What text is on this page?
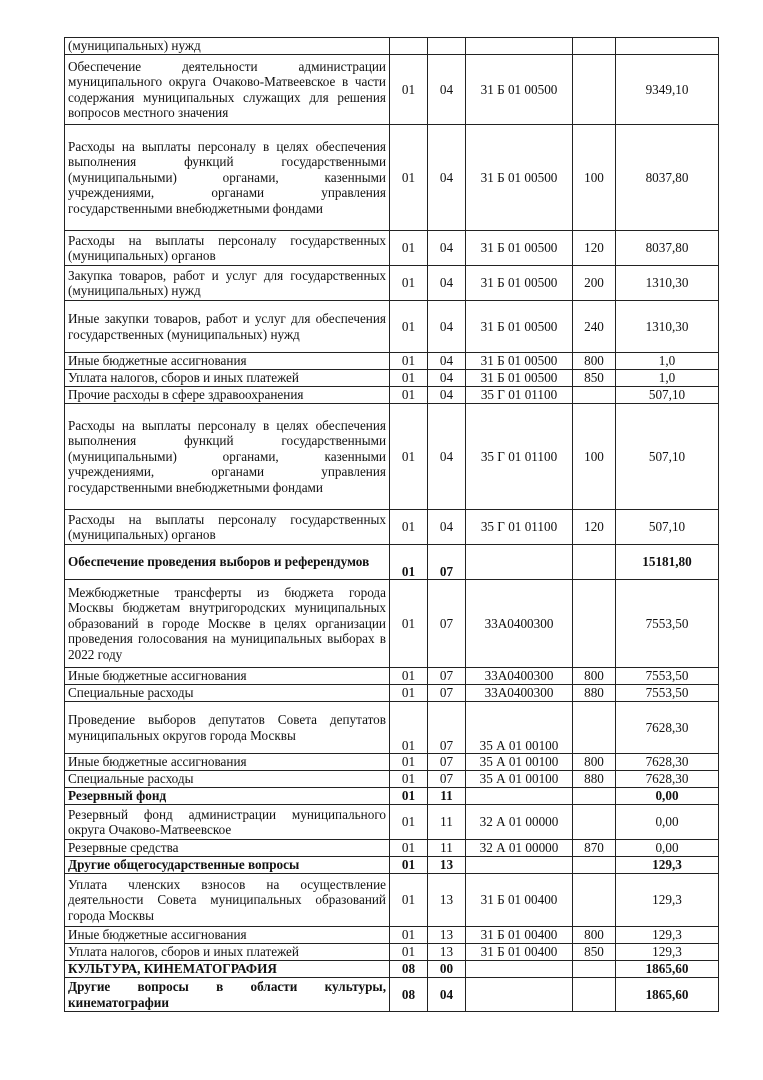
(муниципальных) нужд					
Обеспечение деятельности администрации муниципального округа Очаково-Матвеевское в части содержания муниципальных служащих для решения вопросов местного значения	01	04	31 Б 01 00500		9349,10
Расходы на выплаты персоналу в целях обеспечения выполнения функций государственными (муниципальными) органами, казенными учреждениями, органами управления государственными внебюджетными фондами	01	04	31 Б 01 00500	100	8037,80
Расходы на выплаты персоналу государственных (муниципальных) органов	01	04	31 Б 01 00500	120	8037,80
Закупка товаров, работ и услуг для государственных (муниципальных) нужд	01	04	31 Б 01 00500	200	1310,30
Иные закупки товаров, работ и услуг для обеспечения государственных (муниципальных) нужд	01	04	31 Б 01 00500	240	1310,30
Иные бюджетные ассигнования	01	04	31 Б 01 00500	800	1,0
Уплата налогов, сборов и иных платежей	01	04	31 Б 01 00500	850	1,0
Прочие расходы в сфере здравоохранения	01	04	35 Г 01 01100		507,10
Расходы на выплаты персоналу в целях обеспечения выполнения функций государственными (муниципальными) органами, казенными учреждениями, органами управления государственными внебюджетными фондами	01	04	35 Г 01 01100	100	507,10
Расходы на выплаты персоналу государственных (муниципальных) органов	01	04	35 Г 01 01100	120	507,10
Обеспечение проведения выборов и референдумов	01	07			15181,80
Межбюджетные трансферты из бюджета города Москвы бюджетам внутригородских муниципальных образований в городе Москве в целях организации проведения голосования на муниципальных выборах в 2022 году	01	07	33А0400300		7553,50
Иные бюджетные ассигнования	01	07	33А0400300	800	7553,50
Специальные расходы	01	07	33А0400300	880	7553,50
Проведение выборов депутатов Совета депутатов муниципальных округов города Москвы	01	07	35 А 01 00100		7628,30
Иные бюджетные ассигнования	01	07	35 А 01 00100	800	7628,30
Специальные расходы	01	07	35 А 01 00100	880	7628,30
Резервный фонд	01	11			0,00
Резервный фонд администрации муниципального округа Очаково-Матвеевское	01	11	32 А 01 00000		0,00
Резервные средства	01	11	32 А 01 00000	870	0,00
Другие общегосударственные вопросы	01	13			129,3
Уплата членских взносов на осуществление деятельности Совета муниципальных образований города Москвы	01	13	31 Б 01 00400		129,3
Иные бюджетные ассигнования	01	13	31 Б 01 00400	800	129,3
Уплата налогов, сборов и иных платежей	01	13	31 Б 01 00400	850	129,3
КУЛЬТУРА, КИНЕМАТОГРАФИЯ	08	00			1865,60
Другие вопросы в области культуры, кинематографии	08	04			1865,60
